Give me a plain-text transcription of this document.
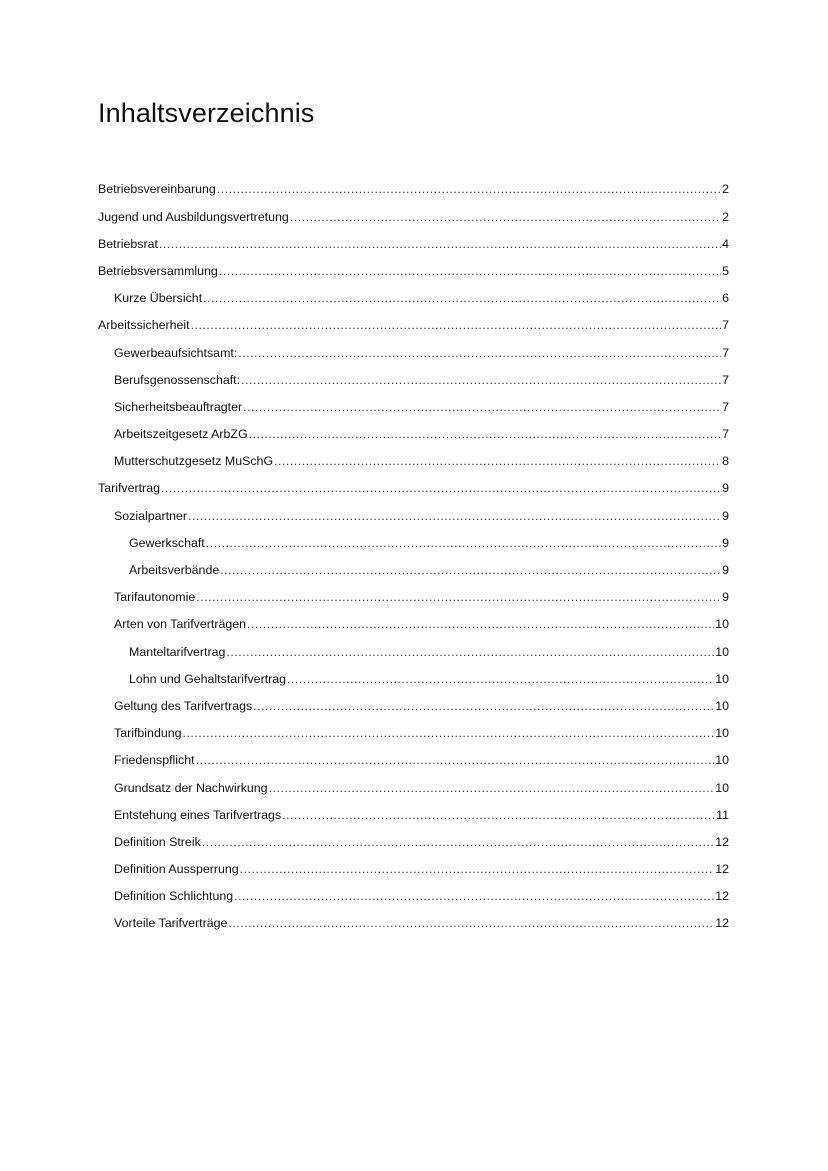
Inhaltsverzeichnis
Betriebsvereinbarung .....	2
Jugend und Ausbildungsvertretung .....	2
Betriebsrat .....	4
Betriebsversammlung .....	5
Kurze Übersicht .....	6
Arbeitssicherheit .....	7
Gewerbeaufsichtsamt: .....	7
Berufsgenossenschaft: .....	7
Sicherheitsbeauftragter .....	7
Arbeitszeitgesetz ArbZG .....	7
Mutterschutzgesetz MuSchG .....	8
Tarifvertrag .....	9
Sozialpartner .....	9
Gewerkschaft .....	9
Arbeitsverbände .....	9
Tarifautonomie .....	9
Arten von Tarifverträgen .....	10
Manteltarifvertrag .....	10
Lohn und Gehaltstarifvertrag .....	10
Geltung des Tarifvertrags .....	10
Tarifbindung .....	10
Friedenspflicht .....	10
Grundsatz der Nachwirkung .....	10
Entstehung eines Tarifvertrags .....	11
Definition Streik .....	12
Definition Aussperrung .....	12
Definition Schlichtung .....	12
Vorteile Tarifverträge .....	12
